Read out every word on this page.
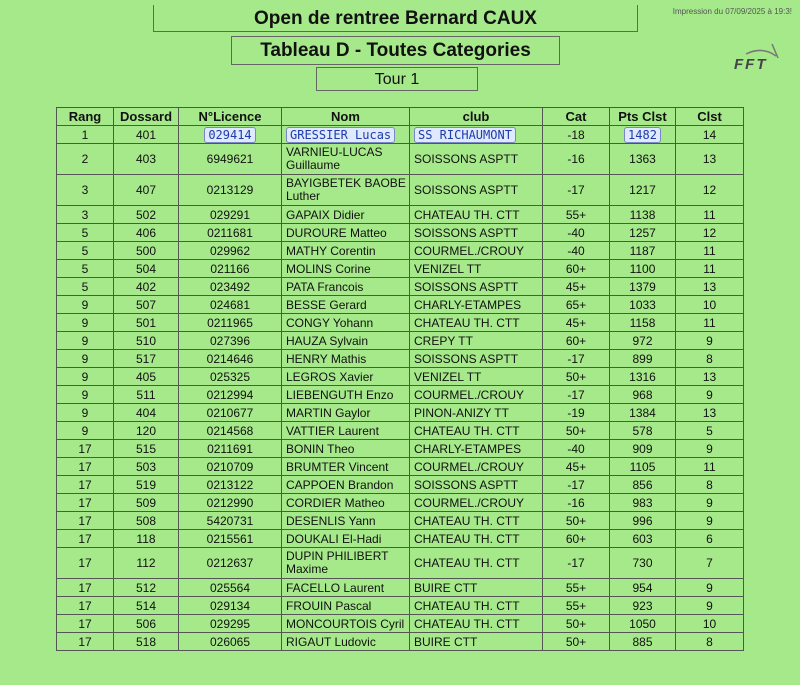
Impression du 07/09/2025 à 19:3!
FFT
Open de rentree Bernard CAUX
Tableau D - Toutes Categories
Tour 1
Rang	Dossard	N°Licence	Nom	club	Cat	Pts Clst	Clst
1	401	029414	GRESSIER Lucas	SS RICHAUMONT	-18	1482	14
2	403	6949621	VARNIEU-LUCAS Guillaume	SOISSONS ASPTT	-16	1363	13
3	407	0213129	BAYIGBETEK BAOBE Luther	SOISSONS ASPTT	-17	1217	12
3	502	029291	GAPAIX Didier	CHATEAU TH. CTT	55+	1138	11
5	406	0211681	DUROURE Matteo	SOISSONS ASPTT	-40	1257	12
5	500	029962	MATHY Corentin	COURMEL./CROUY	-40	1187	11
5	504	021166	MOLINS Corine	VENIZEL TT	60+	1100	11
5	402	023492	PATA Francois	SOISSONS ASPTT	45+	1379	13
9	507	024681	BESSE Gerard	CHARLY-ETAMPES	65+	1033	10
9	501	0211965	CONGY Yohann	CHATEAU TH. CTT	45+	1158	11
9	510	027396	HAUZA Sylvain	CREPY TT	60+	972	9
9	517	0214646	HENRY Mathis	SOISSONS ASPTT	-17	899	8
9	405	025325	LEGROS Xavier	VENIZEL TT	50+	1316	13
9	511	0212994	LIEBENGUTH Enzo	COURMEL./CROUY	-17	968	9
9	404	0210677	MARTIN Gaylor	PINON-ANIZY TT	-19	1384	13
9	120	0214568	VATTIER Laurent	CHATEAU TH. CTT	50+	578	5
17	515	0211691	BONIN Theo	CHARLY-ETAMPES	-40	909	9
17	503	0210709	BRUMTER Vincent	COURMEL./CROUY	45+	1105	11
17	519	0213122	CAPPOEN Brandon	SOISSONS ASPTT	-17	856	8
17	509	0212990	CORDIER Matheo	COURMEL./CROUY	-16	983	9
17	508	5420731	DESENLIS Yann	CHATEAU TH. CTT	50+	996	9
17	118	0215561	DOUKALI El-Hadi	CHATEAU TH. CTT	60+	603	6
17	112	0212637	DUPIN PHILIBERT Maxime	CHATEAU TH. CTT	-17	730	7
17	512	025564	FACELLO Laurent	BUIRE CTT	55+	954	9
17	514	029134	FROUIN Pascal	CHATEAU TH. CTT	55+	923	9
17	506	029295	MONCOURTOIS Cyril	CHATEAU TH. CTT	50+	1050	10
17	518	026065	RIGAUT Ludovic	BUIRE CTT	50+	885	8
